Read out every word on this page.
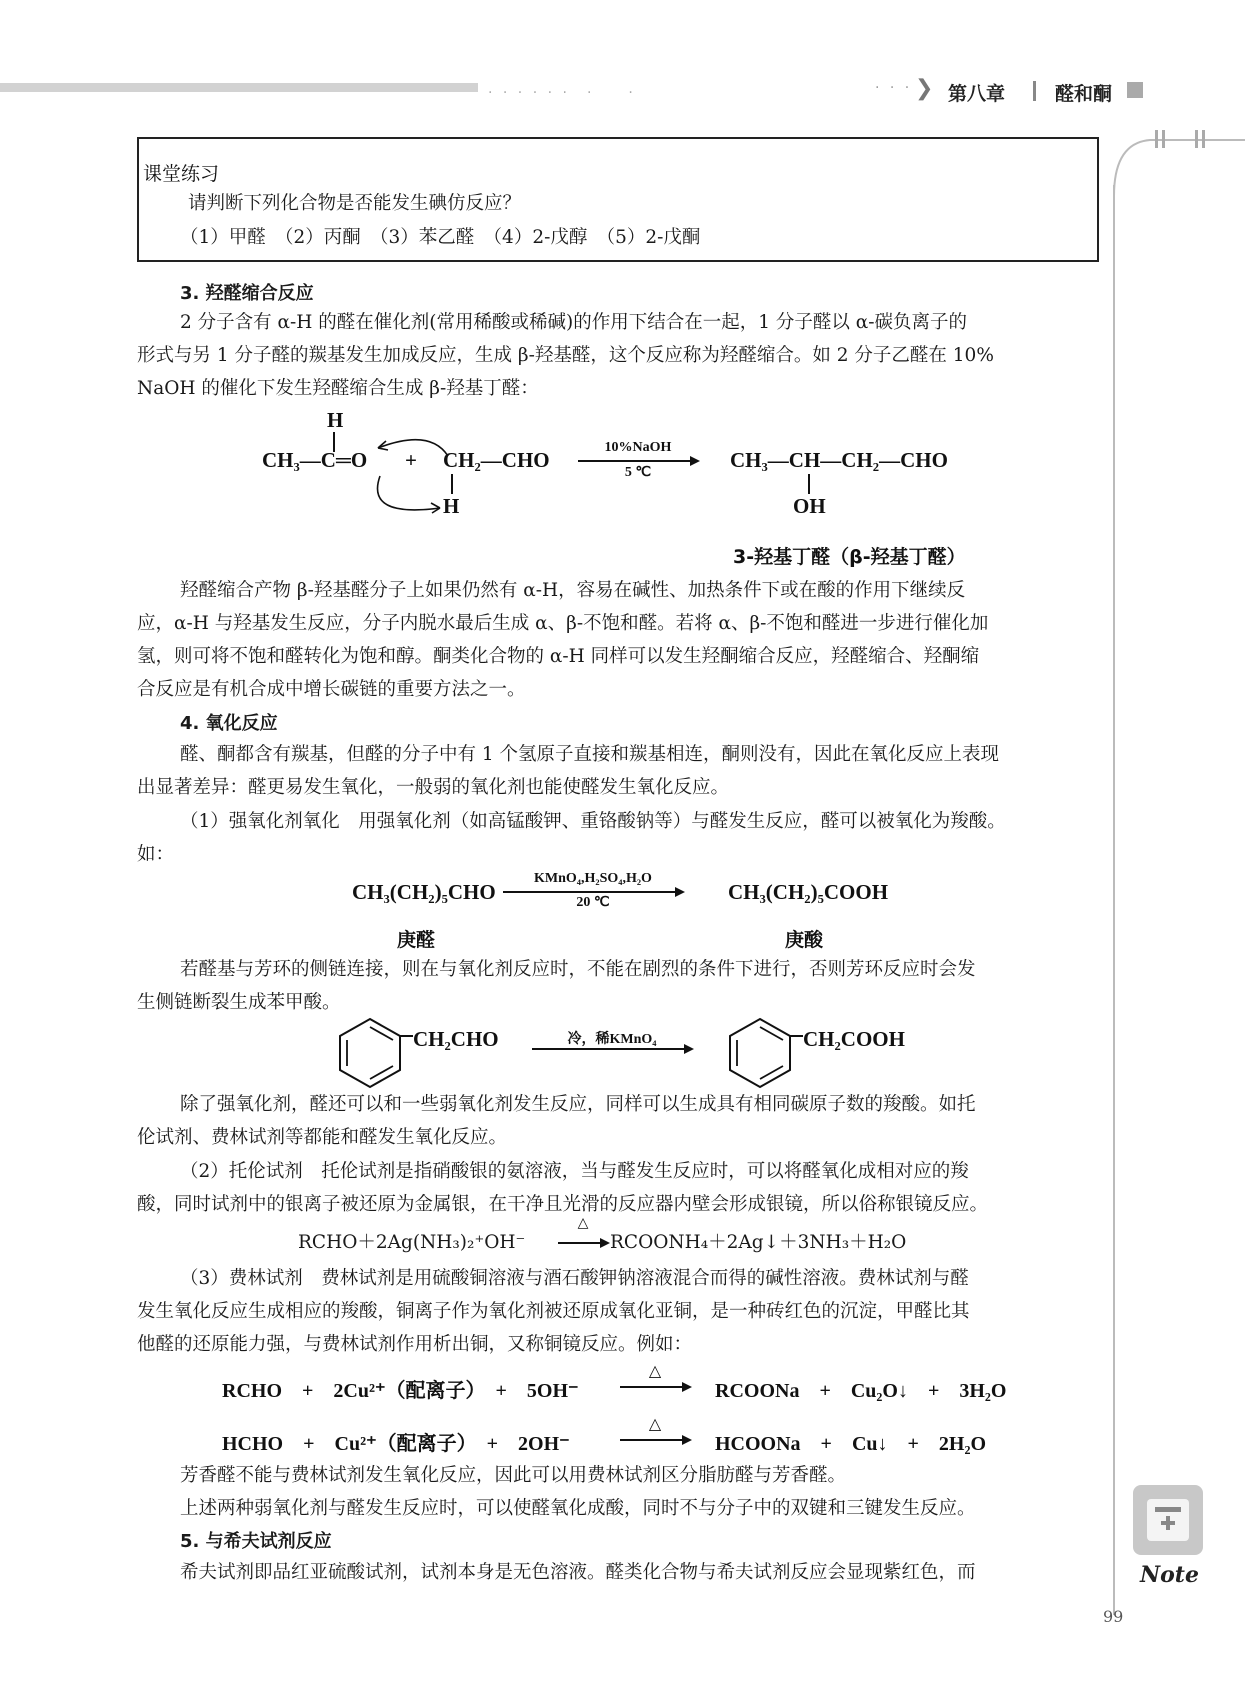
· · · · · ·　·　　·	· · · ❯ 第八章	醛和酮
课堂练习
请判断下列化合物是否能发生碘仿反应？
（1）甲醛　（2）丙酮　（3）苯乙醛　（4）2-戊醇　（5）2-戊酮
3. 羟醛缩合反应
2 分子含有 α-H 的醛在催化剂(常用稀酸或稀碱)的作用下结合在一起，1 分子醛以 α-碳负离子的
形式与另 1 分子醛的羰基发生加成反应，生成 β-羟基醛，这个反应称为羟醛缩合。如 2 分子乙醛在 10%
NaOH 的催化下发生羟醛缩合生成 β-羟基丁醛：
H
CH₃—C═O + CH₂—CHO
H
10%NaOH
5 ℃
CH₃—CH—CH₂—CHO
OH
3-羟基丁醛（β-羟基丁醛）
羟醛缩合产物 β-羟基醛分子上如果仍然有 α-H，容易在碱性、加热条件下或在酸的作用下继续反
应，α-H 与羟基发生反应，分子内脱水最后生成 α、β-不饱和醛。若将 α、β-不饱和醛进一步进行催化加
氢，则可将不饱和醛转化为饱和醇。酮类化合物的 α-H 同样可以发生羟酮缩合反应，羟醛缩合、羟酮缩
合反应是有机合成中增长碳链的重要方法之一。
4. 氧化反应
醛、酮都含有羰基，但醛的分子中有 1 个氢原子直接和羰基相连，酮则没有，因此在氧化反应上表现
出显著差异：醛更易发生氧化，一般弱的氧化剂也能使醛发生氧化反应。
（1）强氧化剂氧化　用强氧化剂（如高锰酸钾、重铬酸钠等）与醛发生反应，醛可以被氧化为羧酸。
如：
CH₃(CH₂)₅CHO
KMnO₄,H₂SO₄,H₂O
20 ℃	CH₃(CH₂)₅COOH
庚醛	庚酸
若醛基与芳环的侧链连接，则在与氧化剂反应时，不能在剧烈的条件下进行，否则芳环反应时会发
生侧链断裂生成苯甲酸。
CH₂CHO	冷，稀KMnO₄	CH₂COOH
除了强氧化剂，醛还可以和一些弱氧化剂发生反应，同样可以生成具有相同碳原子数的羧酸。如托
伦试剂、费林试剂等都能和醛发生氧化反应。
（2）托伦试剂　托伦试剂是指硝酸银的氨溶液，当与醛发生反应时，可以将醛氧化成相对应的羧
酸，同时试剂中的银离子被还原为金属银，在干净且光滑的反应器内壁会形成银镜，所以俗称银镜反应。
RCHO＋2Ag(NH₃)₂⁺OH⁻
△
→ RCOONH₄＋2Ag↓＋3NH₃＋H₂O
（3）费林试剂　费林试剂是用硫酸铜溶液与酒石酸钾钠溶液混合而得的碱性溶液。费林试剂与醛
发生氧化反应生成相应的羧酸，铜离子作为氧化剂被还原成氧化亚铜，是一种砖红色的沉淀，甲醛比其
他醛的还原能力强，与费林试剂作用析出铜，又称铜镜反应。例如：
RCHO　+　2Cu²⁺（配离子）　+　5OH⁻
△
RCOONa　+　Cu₂O↓　+　3H₂O
HCHO　+　Cu²⁺（配离子）　+　2OH⁻
△
HCOONa　+　Cu↓　+　2H₂O
芳香醛不能与费林试剂发生氧化反应，因此可以用费林试剂区分脂肪醛与芳香醛。
上述两种弱氧化剂与醛发生反应时，可以使醛氧化成酸，同时不与分子中的双键和三键发生反应。
5. 与希夫试剂反应
希夫试剂即品红亚硫酸试剂，试剂本身是无色溶液。醛类化合物与希夫试剂反应会显现紫红色，而	Note
99
